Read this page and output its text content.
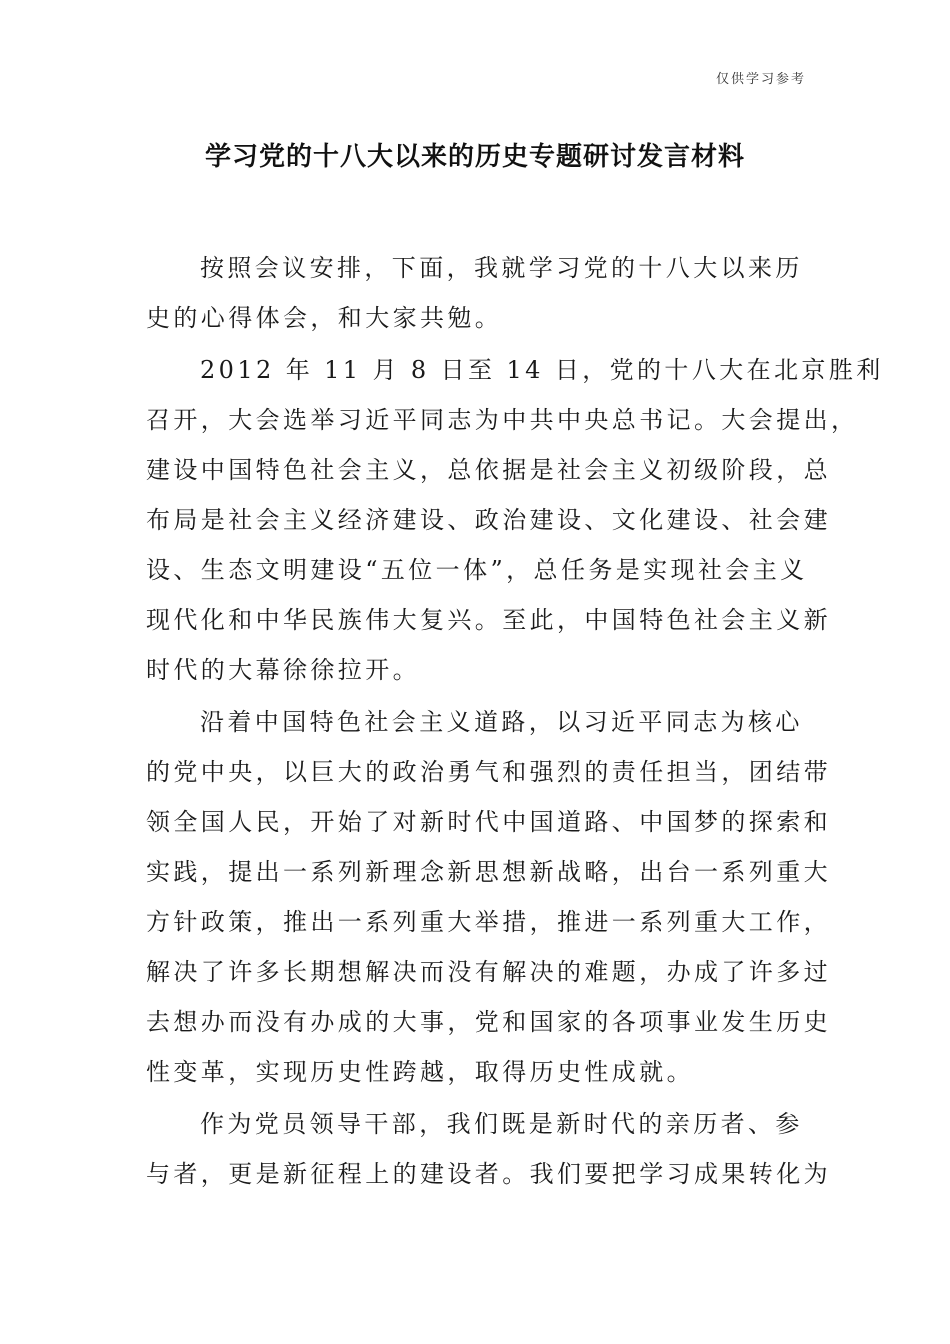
仅供学习参考
学习党的十八大以来的历史专题研讨发言材料
按照会议安排，下面，我就学习党的十八大以来历
史的心得体会，和大家共勉。
2012 年 11 月 8 日至 14 日，党的十八大在北京胜利
召开，大会选举习近平同志为中共中央总书记。大会提出，
建设中国特色社会主义，总依据是社会主义初级阶段，总
布局是社会主义经济建设、政治建设、文化建设、社会建
设、生态文明建设“五位一体”，总任务是实现社会主义
现代化和中华民族伟大复兴。至此，中国特色社会主义新
时代的大幕徐徐拉开。
沿着中国特色社会主义道路，以习近平同志为核心
的党中央，以巨大的政治勇气和强烈的责任担当，团结带
领全国人民，开始了对新时代中国道路、中国梦的探索和
实践，提出一系列新理念新思想新战略，出台一系列重大
方针政策，推出一系列重大举措，推进一系列重大工作，
解决了许多长期想解决而没有解决的难题，办成了许多过
去想办而没有办成的大事，党和国家的各项事业发生历史
性变革，实现历史性跨越，取得历史性成就。
作为党员领导干部，我们既是新时代的亲历者、参
与者，更是新征程上的建设者。我们要把学习成果转化为
